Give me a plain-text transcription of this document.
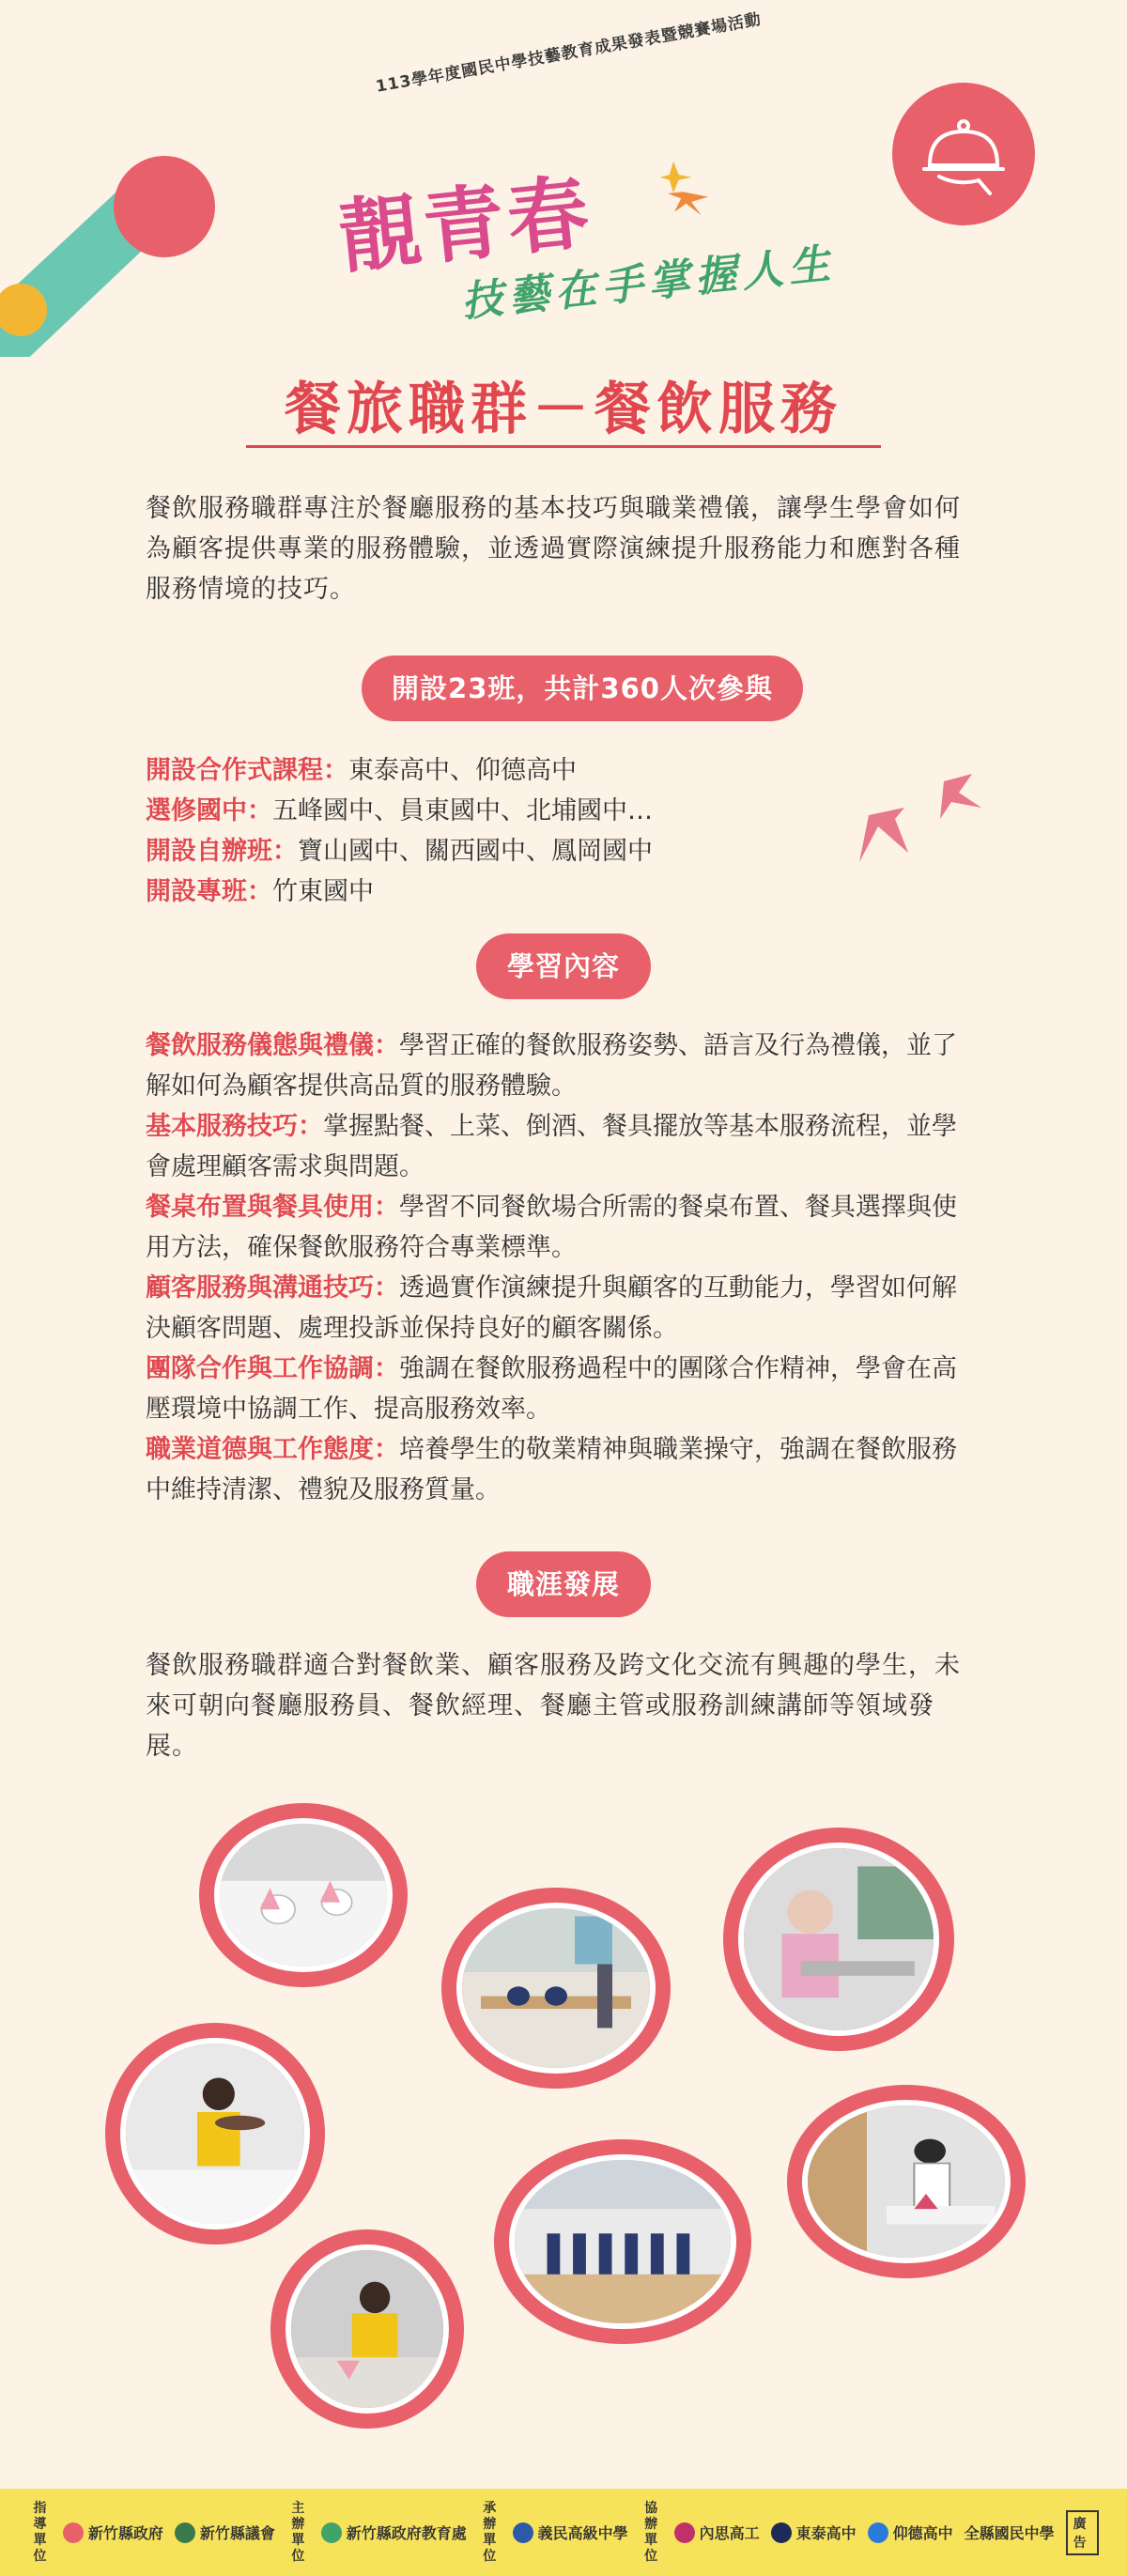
113學年度國民中學技藝教育成果發表暨競賽場活動
靚青春
技藝在手掌握人生
餐旅職群－餐飲服務

餐飲服務職群專注於餐廳服務的基本技巧與職業禮儀，讓學生學會如何為顧客提供專業的服務體驗，並透過實際演練提升服務能力和應對各種服務情境的技巧。

開設23班，共計360人次參與
開設合作式課程：東泰高中、仰德高中
選修國中：五峰國中、員東國中、北埔國中…
開設自辦班：寶山國中、關西國中、鳳岡國中
開設專班：竹東國中
學習內容
餐飲服務儀態與禮儀：學習正確的餐飲服務姿勢、語言及行為禮儀，並了解如何為顧客提供高品質的服務體驗。
基本服務技巧：掌握點餐、上菜、倒酒、餐具擺放等基本服務流程，並學會處理顧客需求與問題。
餐桌布置與餐具使用：學習不同餐飲場合所需的餐桌布置、餐具選擇與使用方法，確保餐飲服務符合專業標準。
顧客服務與溝通技巧：透過實作演練提升與顧客的互動能力，學習如何解決顧客問題、處理投訴並保持良好的顧客關係。
團隊合作與工作協調：強調在餐飲服務過程中的團隊合作精神，學會在高壓環境中協調工作、提高服務效率。
職業道德與工作態度：培養學生的敬業精神與職業操守，強調在餐飲服務中維持清潔、禮貌及服務質量。
職涯發展

餐飲服務職群適合對餐飲業、顧客服務及跨文化交流有興趣的學生，未來可朝向餐廳服務員、餐飲經理、餐廳主管或服務訓練講師等領域發展。

指導單位
新竹縣政府 新竹縣議會
主辦單位
新竹縣政府教育處
承辦單位
義民高級中學
協辦單位
內思高工 東泰高中 仰德高中 全縣國民中學
廣告
